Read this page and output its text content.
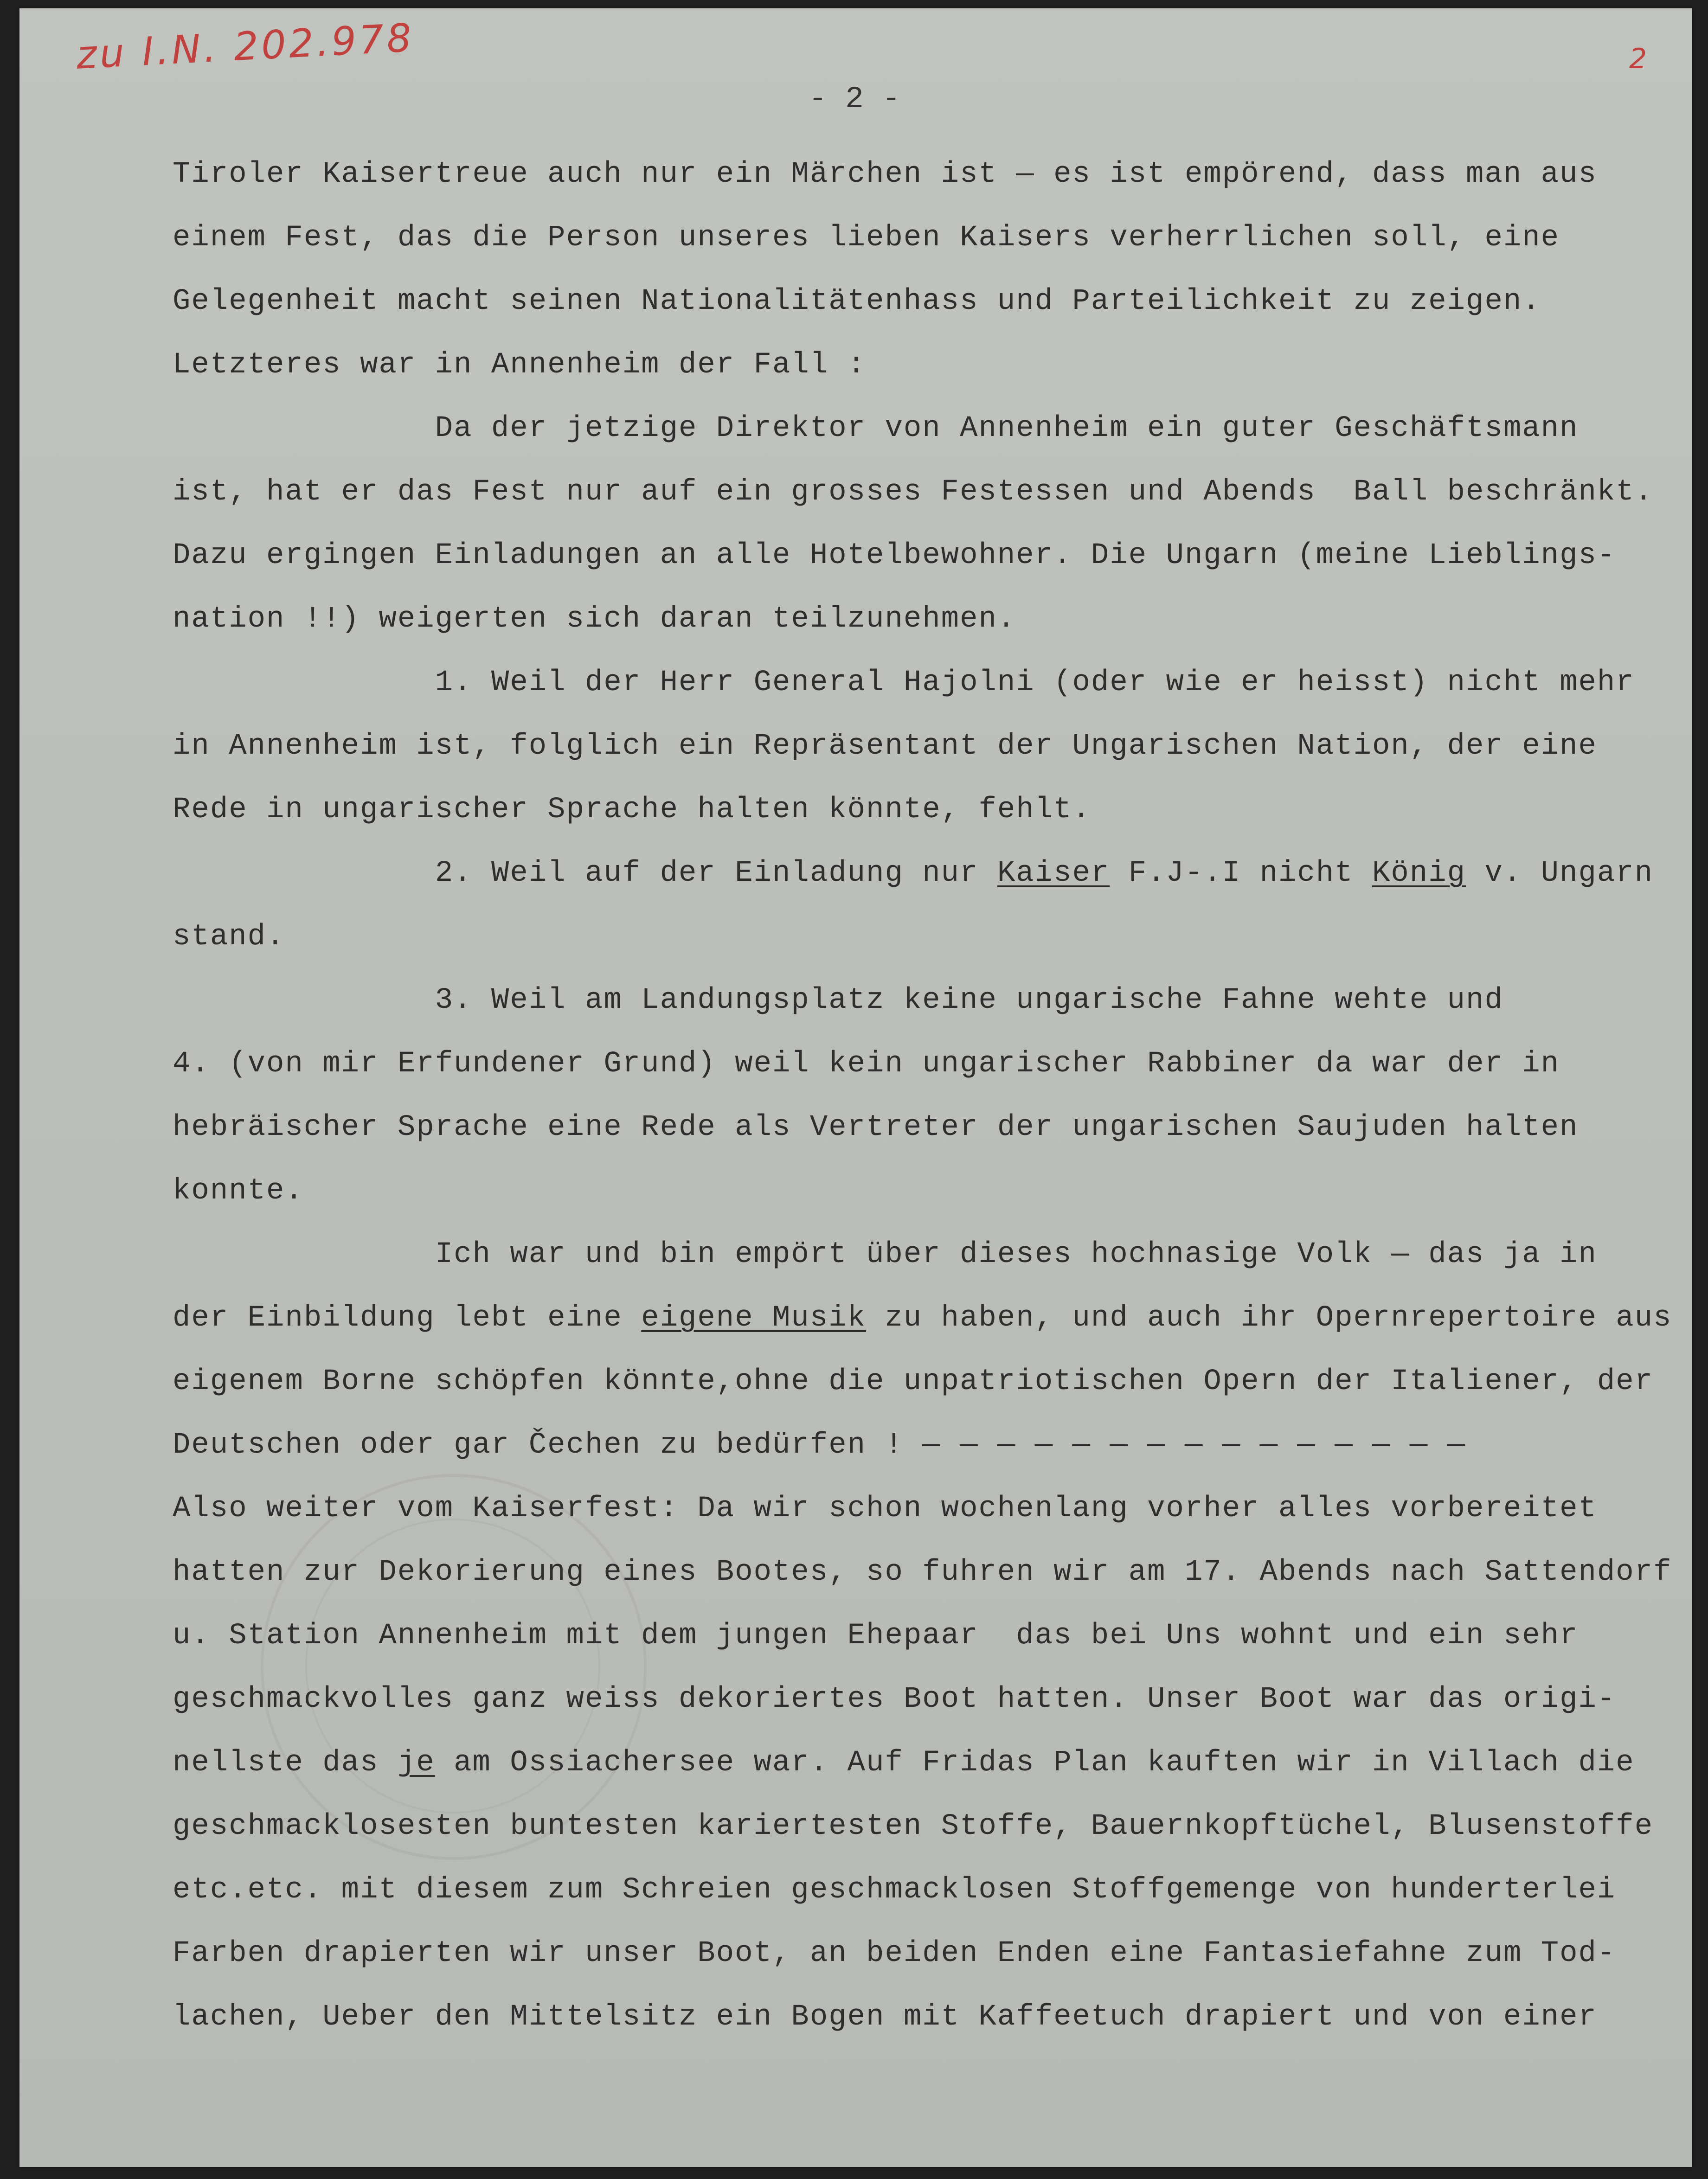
zu I.N. 202.978	2
- 2 -
Tiroler Kaisertreue auch nur ein Märchen ist — es ist empörend, dass man aus
einem Fest, das die Person unseres lieben Kaisers verherrlichen soll, eine
Gelegenheit macht seinen Nationalitätenhass und Parteilichkeit zu zeigen.
Letzteres war in Annenheim der Fall :
Da der jetzige Direktor von Annenheim ein guter Geschäftsmann
ist, hat er das Fest nur auf ein grosses Festessen und Abends  Ball beschränkt.
Dazu ergingen Einladungen an alle Hotelbewohner. Die Ungarn (meine Lieblings-
nation !!) weigerten sich daran teilzunehmen.
1. Weil der Herr General Hajolni (oder wie er heisst) nicht mehr
in Annenheim ist, folglich ein Repräsentant der Ungarischen Nation, der eine
Rede in ungarischer Sprache halten könnte, fehlt.
2. Weil auf der Einladung nur Kaiser F.J-.I nicht König v. Ungarn
stand.
3. Weil am Landungsplatz keine ungarische Fahne wehte und
4. (von mir Erfundener Grund) weil kein ungarischer Rabbiner da war der in
hebräischer Sprache eine Rede als Vertreter der ungarischen Saujuden halten
konnte.
Ich war und bin empört über dieses hochnasige Volk — das ja in
der Einbildung lebt eine eigene Musik zu haben, und auch ihr Opernrepertoire aus
eigenem Borne schöpfen könnte,ohne die unpatriotischen Opern der Italiener, der
Deutschen oder gar Čechen zu bedürfen ! — — — — — — — — — — — — — — —
Also weiter vom Kaiserfest: Da wir schon wochenlang vorher alles vorbereitet
hatten zur Dekorierung eines Bootes, so fuhren wir am 17. Abends nach Sattendorf
u. Station Annenheim mit dem jungen Ehepaar  das bei Uns wohnt und ein sehr
geschmackvolles ganz weiss dekoriertes Boot hatten. Unser Boot war das origi-
nellste das je am Ossiachersee war. Auf Fridas Plan kauften wir in Villach die
geschmacklosesten buntesten kariertesten Stoffe, Bauernkopftüchel, Blusenstoffe
etc.etc. mit diesem zum Schreien geschmacklosen Stoffgemenge von hunderterlei
Farben drapierten wir unser Boot, an beiden Enden eine Fantasiefahne zum Tod-
lachen, Ueber den Mittelsitz ein Bogen mit Kaffeetuch drapiert und von einer
